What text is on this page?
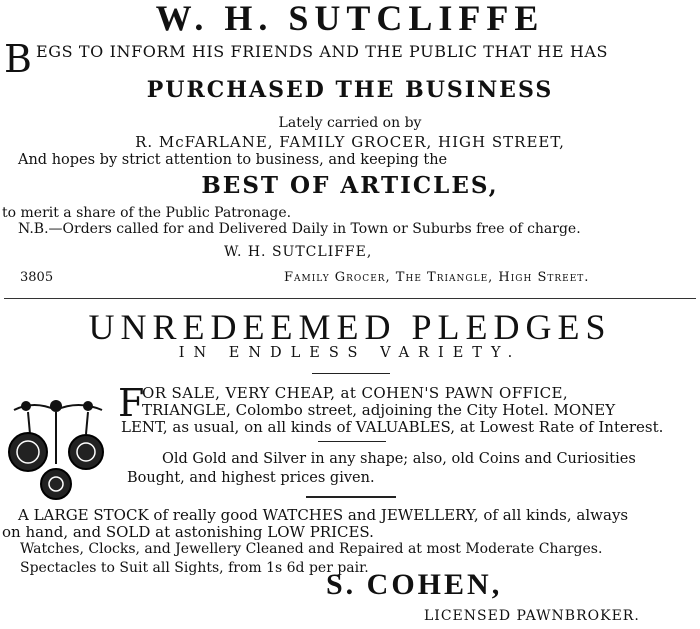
W. H. SUTCLIFFE
B EGS TO INFORM HIS FRIENDS AND THE PUBLIC THAT HE HAS
PURCHASED THE BUSINESS
Lately carried on by
R. McFARLANE, FAMILY GROCER, HIGH STREET,
And hopes by strict attention to business, and keeping the
BEST OF ARTICLES,
to merit a share of the Public Patronage.
N.B.—Orders called for and Delivered Daily in Town or Suburbs free of charge.
W. H. SUTCLIFFE,
3805	Family Grocer, The Triangle, High Street.
UNREDEEMED PLEDGES
IN ENDLESS VARIETY.
F
OR SALE, VERY CHEAP, at COHEN'S PAWN OFFICE,
TRIANGLE, Colombo street, adjoining the City Hotel. MONEY
LENT, as usual, on all kinds of VALUABLES, at Lowest Rate of Interest.
Old Gold and Silver in any shape; also, old Coins and Curiosities
Bought, and highest prices given.
A LARGE STOCK of really good WATCHES and JEWELLERY, of all kinds, always
on hand, and SOLD at astonishing LOW PRICES.
Watches, Clocks, and Jewellery Cleaned and Repaired at most Moderate Charges.
Spectacles to Suit all Sights, from 1s 6d per pair.
S. COHEN,
LICENSED PAWNBROKER.
